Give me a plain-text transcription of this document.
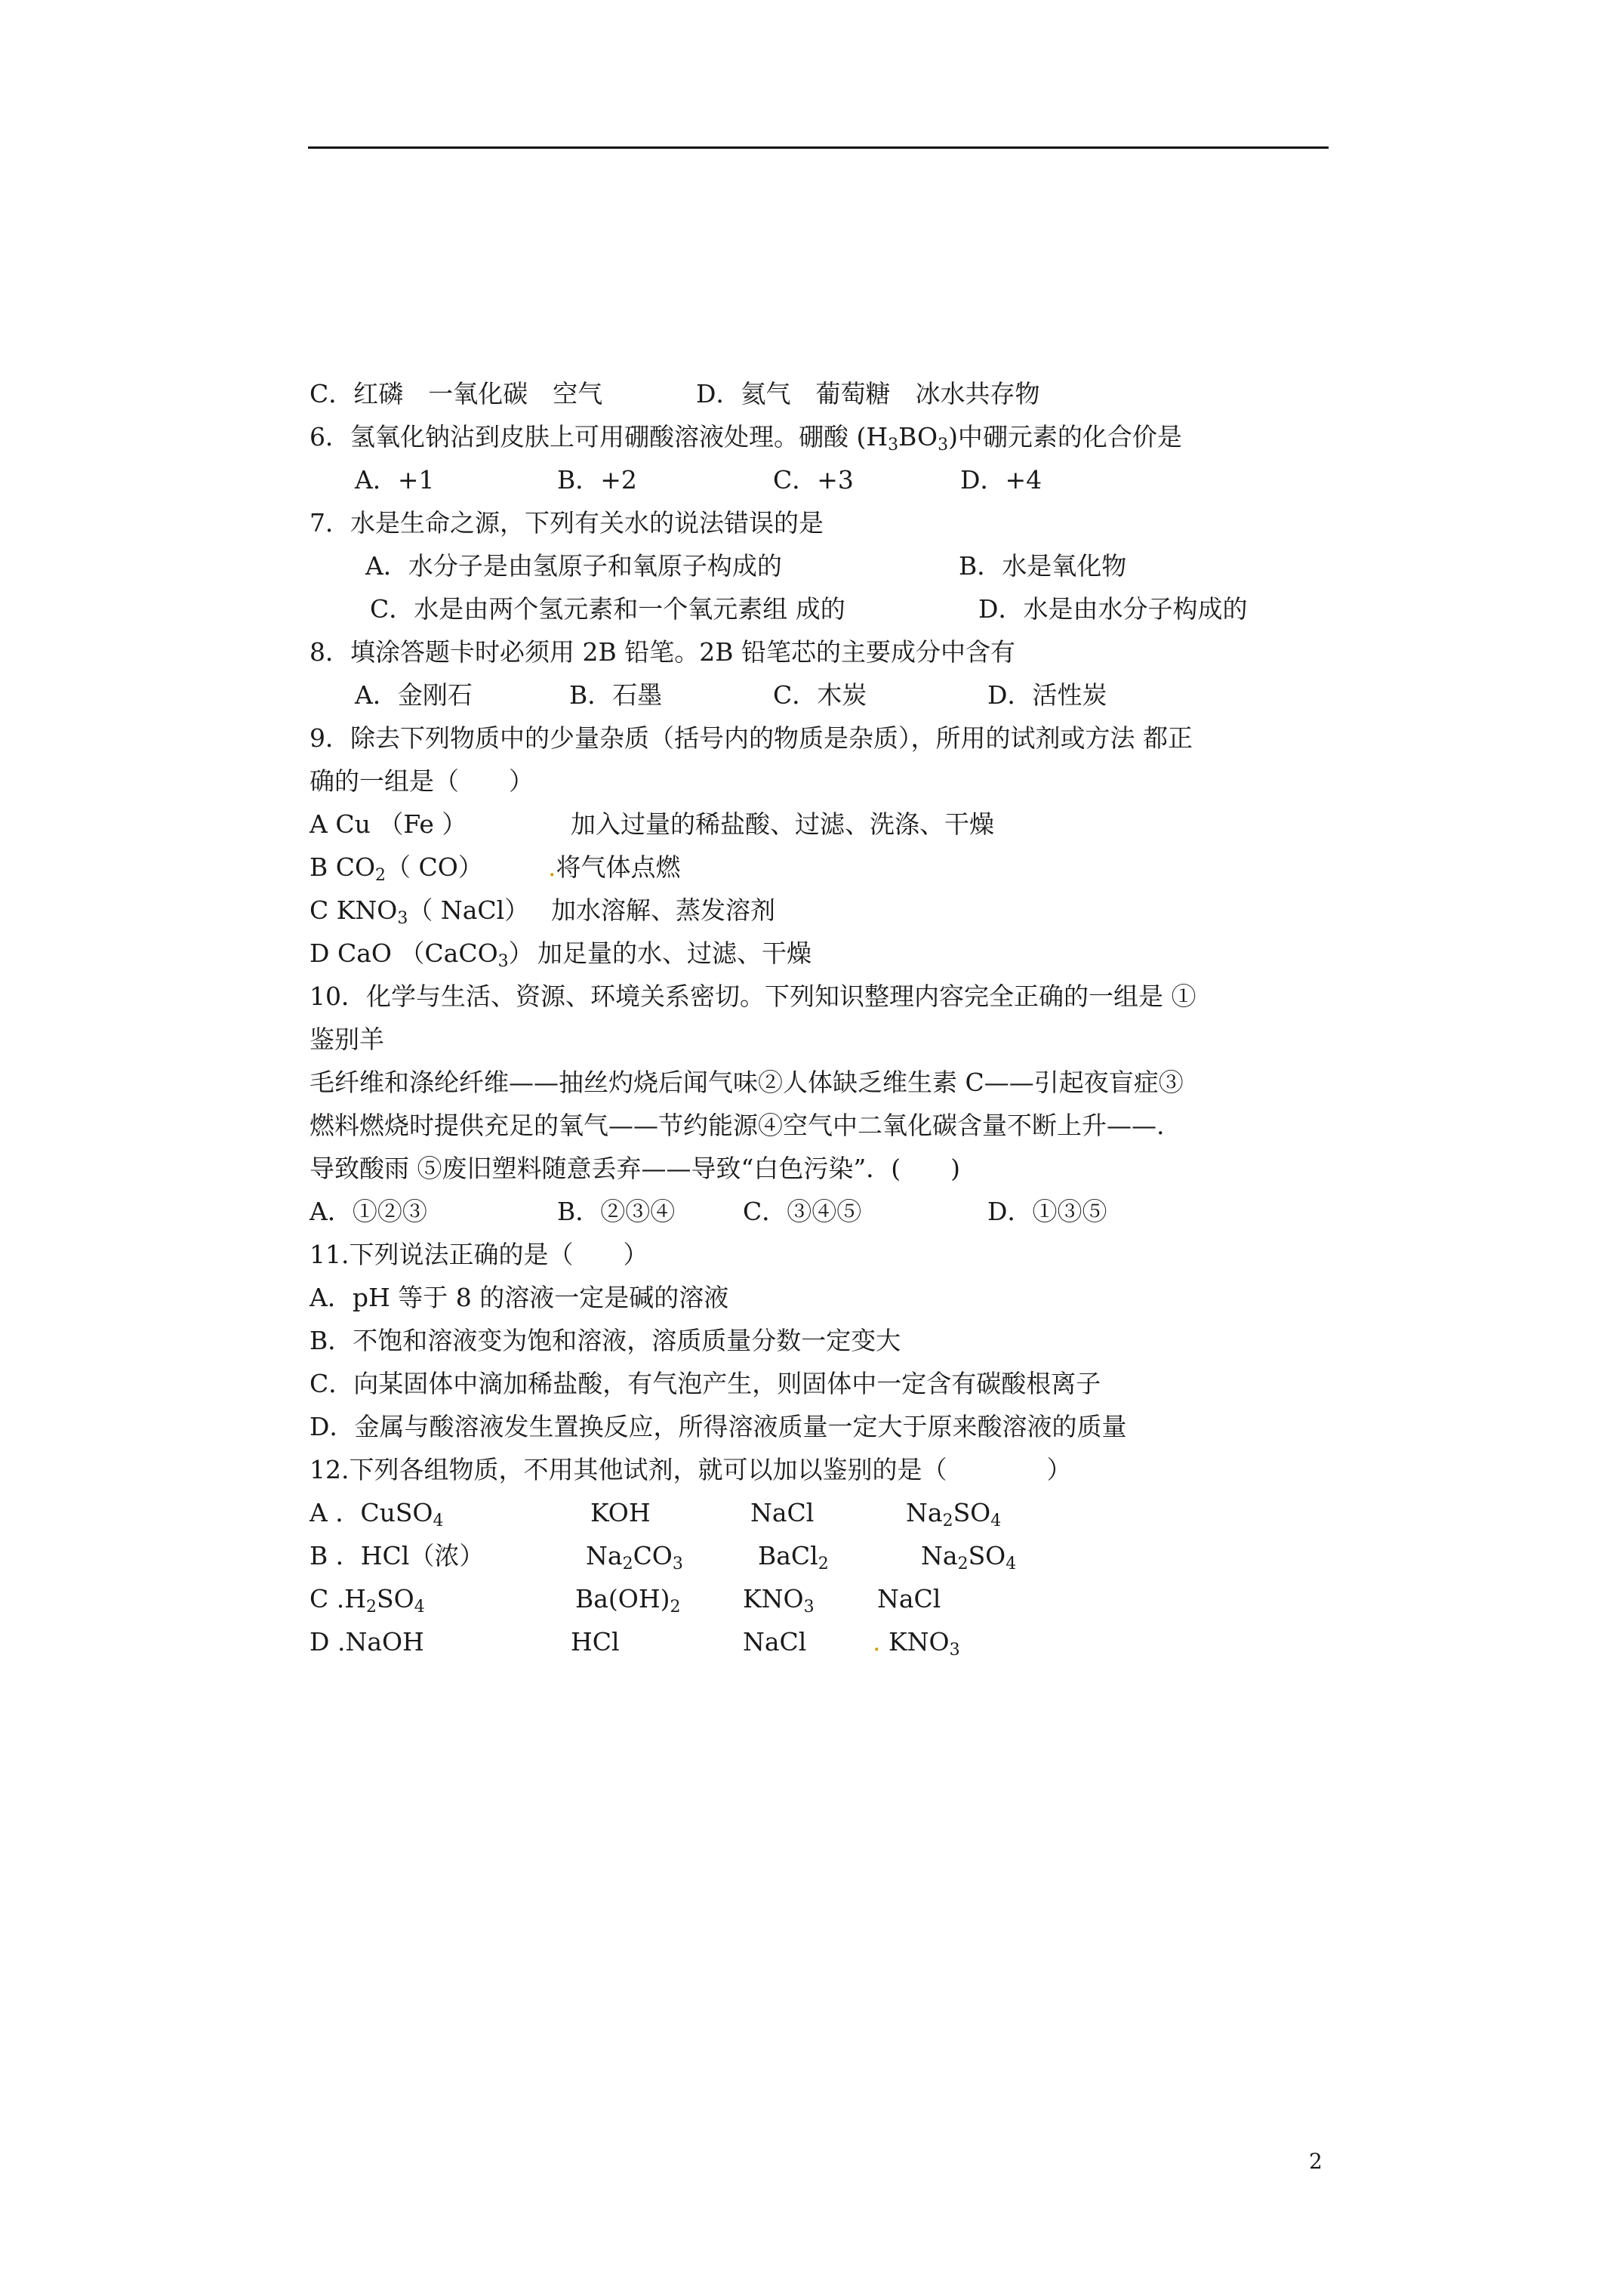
C．红磷　一氧化碳　空气	D．氦气　葡萄糖　冰水共存物
6．氢氧化钠沾到皮肤上可用硼酸溶液处理。硼酸 $(H_3BO_3)$中硼元素的化合价是
A．+1	B．+2	C．+3	D．+4
7．水是生命之源，下列有关水的说法错误的是
A．水分子是由氢原子和氧原子构成的	B．水是氧化物
C．水是由两个氢元素和一个氧元素组 成的	D．水是由水分子构成的
8．填涂答题卡时必须用 2B 铅笔。2B 铅笔芯的主要成分中含有
A．金刚石	B．石墨	C．木炭	D．活性炭
9．除去下列物质中的少量杂质（括号内的物质是杂质），所用的试剂或方法 都正
确的一组是（　　）
A Cu （Fe ）	加入过量的稀盐酸、过滤、洗涤、干燥
B $CO_2$（ CO）	.将气体点燃
C $KNO_3$（ NaCl） 加水溶解、蒸发溶剂
D CaO （CaCO$_3$） 加足量的水、过滤、干燥
10．化学与生活、资源、环境关系密切。下列知识整理内容完全正确的一组是 ①
鉴别羊
毛纤维和涤纶纤维——抽丝灼烧后闻气味②人体缺乏维生素 C——引起夜盲症③
燃料燃烧时提供充足的氧气——节约能源④空气中二氧化碳含量不断上升——.
导致酸雨 ⑤废旧塑料随意丢弃——导致“白色污染”．(　　)
A．①②③	B．②③④	C．③④⑤	D．①③⑤
11.下列说法正确的是（　　）
A．pH 等于 8 的溶液一定是碱的溶液
B．不饱和溶液变为饱和溶液，溶质质量分数一定变大
C．向某固体中滴加稀盐酸，有气泡产生，则固体中一定含有碳酸根离子
D．金属与酸溶液发生置换反应，所得溶液质量一定大于原来酸溶液的质量
12.下列各组物质，不用其他试剂，就可以加以鉴别的是（　　　　）
A ．CuSO$_4$	KOH	NaCl	$Na_2SO_4$
B ．HCl（浓）	$Na_2CO_3$	BaCl$_2$	$Na_2SO_4$
C $.H_2SO_4$	$Ba(OH)_2$ $KNO_3$	NaCl
D .NaOH	HCl	NaCl	. $KNO_3$
2
